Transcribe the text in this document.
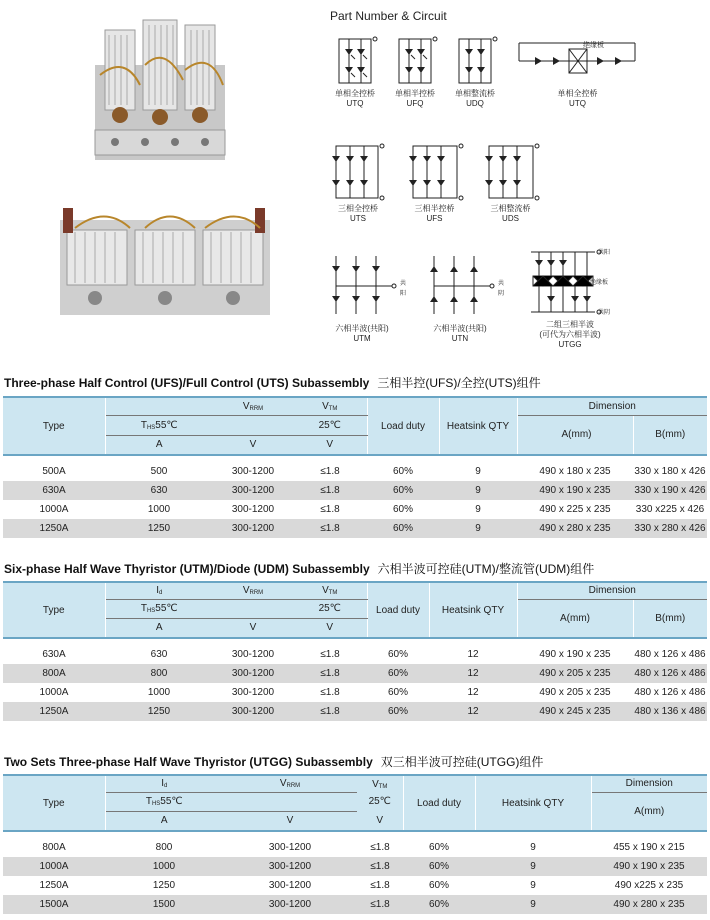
Part Number & Circuit
单相全控桥
UTQ
单相半控桥
UFQ
单相整流桥
UDQ
绝缘板
单相全控桥
UTQ
三相全控桥
UTS
三相半控桥
UFS
三相整流桥
UDS
共阳
六相半波(共阳)
UTM
共阴
六相半波(共阳)
UTN
共阳
绝缘板
共阴
二组三相半波
(可代为六相半波)
UTGG
Three-phase Half Control (UFS)/Full Control (UTS) Subassembly 三相半控(UFS)/全控(UTS)组件
Type		$V_{RRM}$	$V_{TM}$	Load duty	Heatsink QTY	Dimension	
	$T_{HS}55℃$		25℃			A(mm)	B(mm)
	A	V	V				

500A	500	300-1200	≤1.8	60%	9	490 x 180 x 235	330 x 180 x 426
630A	630	300-1200	≤1.8	60%	9	490 x 190 x 235	330 x 190 x 426
1000A	1000	300-1200	≤1.8	60%	9	490 x 225 x 235	330 x225 x 426
1250A	1250	300-1200	≤1.8	60%	9	490 x 280 x 235	330 x 280 x 426
Six-phase Half Wave Thyristor (UTM)/Diode (UDM) Subassembly 六相半波可控硅(UTM)/整流管(UDM)组件
Type	$I_d$	$V_{RRM}$	$V_{TM}$	Load duty	Heatsink QTY	Dimension	
	$T_{HS}55℃$		25℃			A(mm)	B(mm)
	A	V	V				

630A	630	300-1200	≤1.8	60%	12	490 x 190 x 235	480 x 126 x 486
800A	800	300-1200	≤1.8	60%	12	490 x 205 x 235	480 x 126 x 486
1000A	1000	300-1200	≤1.8	60%	12	490 x 205 x 235	480 x 126 x 486
1250A	1250	300-1200	≤1.8	60%	12	490 x 245 x 235	480 x 136 x 486
Two Sets Three-phase Half Wave Thyristor (UTGG) Subassembly 双三相半波可控硅(UTGG)组件
Type	$I_d$	$V_{RRM}$	$V_{TM}$	Load duty	Heatsink QTY	Dimension
	$T_{HS}55℃$		25℃			A(mm)
	A	V	V			

800A	800	300-1200	≤1.8	60%	9	455 x 190 x 215
1000A	1000	300-1200	≤1.8	60%	9	490 x 190 x 235
1250A	1250	300-1200	≤1.8	60%	9	490 x225 x 235
1500A	1500	300-1200	≤1.8	60%	9	490 x 280 x 235
